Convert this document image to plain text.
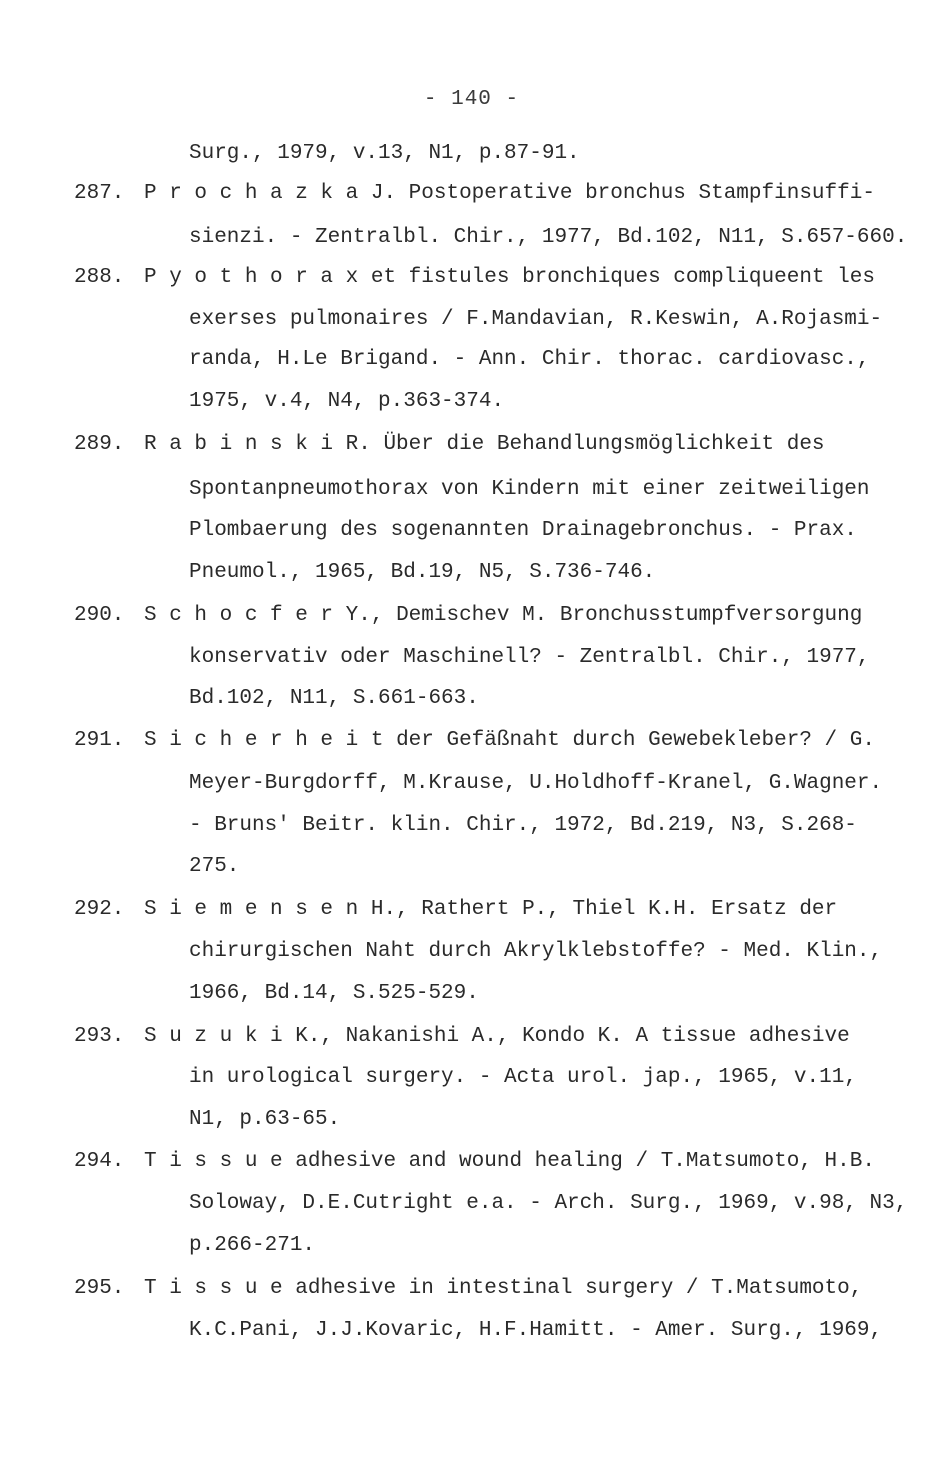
- 140 -
Surg., 1979, v.13, N1, p.87-91.
287. P r o c h a z k a J. Postoperative bronchus Stampfinsuffi-
sienzi. - Zentralbl. Chir., 1977, Bd.102, N11, S.657-660.
288. P y o t h o r a x et fistules bronchiques compliqueent les
exerses pulmonaires / F.Mandavian, R.Keswin, A.Rojasmi-
randa, H.Le Brigand. - Ann. Chir. thorac. cardiovasc.,
1975, v.4, N4, p.363-374.
289. R a b i n s k i R. Über die Behandlungsmöglichkeit des
Spontanpneumothorax von Kindern mit einer zeitweiligen
Plombaerung des sogenannten Drainagebronchus. - Prax.
Pneumol., 1965, Bd.19, N5, S.736-746.
290. S c h o c f e r Y., Demischev M. Bronchusstumpfversorgung
konservativ oder Maschinell? - Zentralbl. Chir., 1977,
Bd.102, N11, S.661-663.
291. S i c h e r h e i t der Gefäßnaht durch Gewebekleber? / G.
Meyer-Burgdorff, M.Krause, U.Holdhoff-Kranel, G.Wagner.
- Bruns' Beitr. klin. Chir., 1972, Bd.219, N3, S.268-
275.
292. S i e m e n s e n H., Rathert P., Thiel K.H. Ersatz der
chirurgischen Naht durch Akrylklebstoffe? - Med. Klin.,
1966, Bd.14, S.525-529.
293. S u z u k i K., Nakanishi A., Kondo K. A tissue adhesive
in urological surgery. - Acta urol. jap., 1965, v.11,
N1, p.63-65.
294. T i s s u e adhesive and wound healing / T.Matsumoto, H.B.
Soloway, D.E.Cutright e.a. - Arch. Surg., 1969, v.98, N3,
p.266-271.
295. T i s s u e adhesive in intestinal surgery / T.Matsumoto,
K.C.Pani, J.J.Kovaric, H.F.Hamitt. - Amer. Surg., 1969,
